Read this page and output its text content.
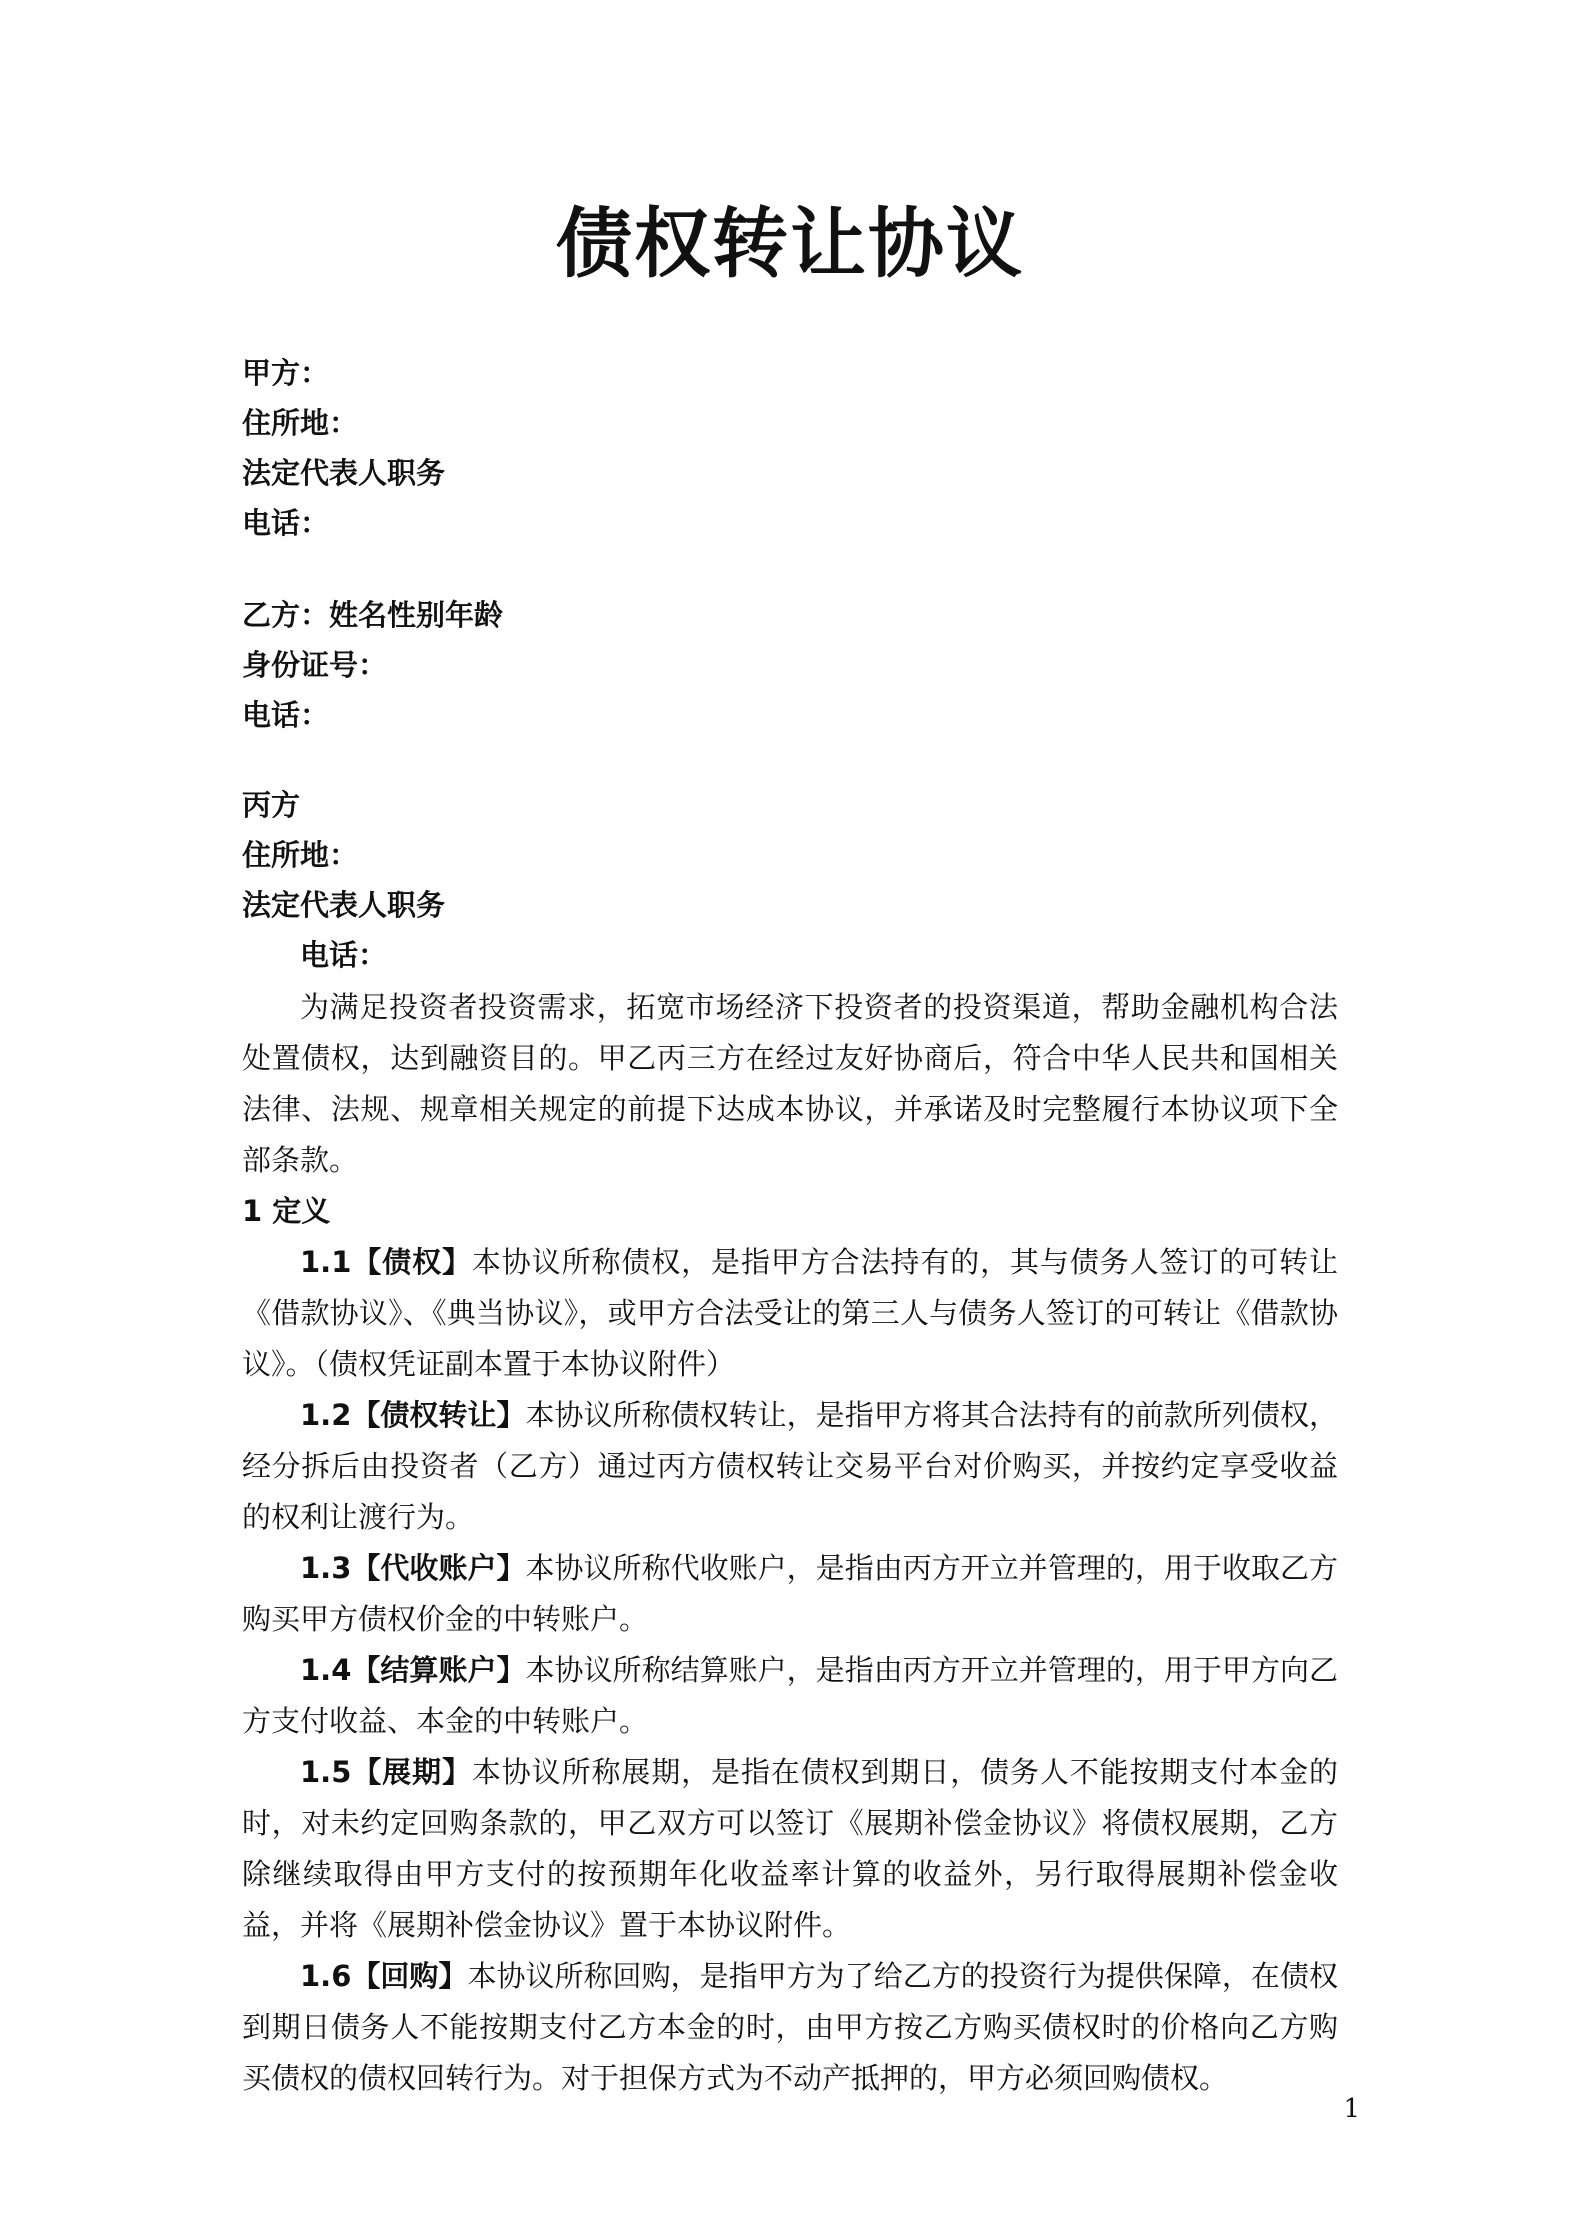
债权转让协议
甲方：
住所地：
法定代表人职务
电话：
乙方：姓名性别年龄
身份证号：
电话：
丙方
住所地：
法定代表人职务
电话：

为满足投资者投资需求，拓宽市场经济下投资者的投资渠道，帮助金融机构合法处置债权，达到融资目的。甲乙丙三方在经过友好协商后，符合中华人民共和国相关法律、法规、规章相关规定的前提下达成本协议，并承诺及时完整履行本协议项下全部条款。

1 定义

1.1【债权】本协议所称债权，是指甲方合法持有的，其与债务人签订的可转让《借款协议》、《典当协议》，或甲方合法受让的第三人与债务人签订的可转让《借款协议》。（债权凭证副本置于本协议附件）

1.2【债权转让】本协议所称债权转让，是指甲方将其合法持有的前款所列债权，经分拆后由投资者（乙方）通过丙方债权转让交易平台对价购买，并按约定享受收益的权利让渡行为。

1.3【代收账户】本协议所称代收账户，是指由丙方开立并管理的，用于收取乙方购买甲方债权价金的中转账户。

1.4【结算账户】本协议所称结算账户，是指由丙方开立并管理的，用于甲方向乙方支付收益、本金的中转账户。

1.5【展期】本协议所称展期，是指在债权到期日，债务人不能按期支付本金的时，对未约定回购条款的，甲乙双方可以签订《展期补偿金协议》将债权展期，乙方除继续取得由甲方支付的按预期年化收益率计算的收益外，另行取得展期补偿金收益，并将《展期补偿金协议》置于本协议附件。

1.6【回购】本协议所称回购，是指甲方为了给乙方的投资行为提供保障，在债权到期日债务人不能按期支付乙方本金的时，由甲方按乙方购买债权时的价格向乙方购买债权的债权回转行为。对于担保方式为不动产抵押的，甲方必须回购债权。

1
